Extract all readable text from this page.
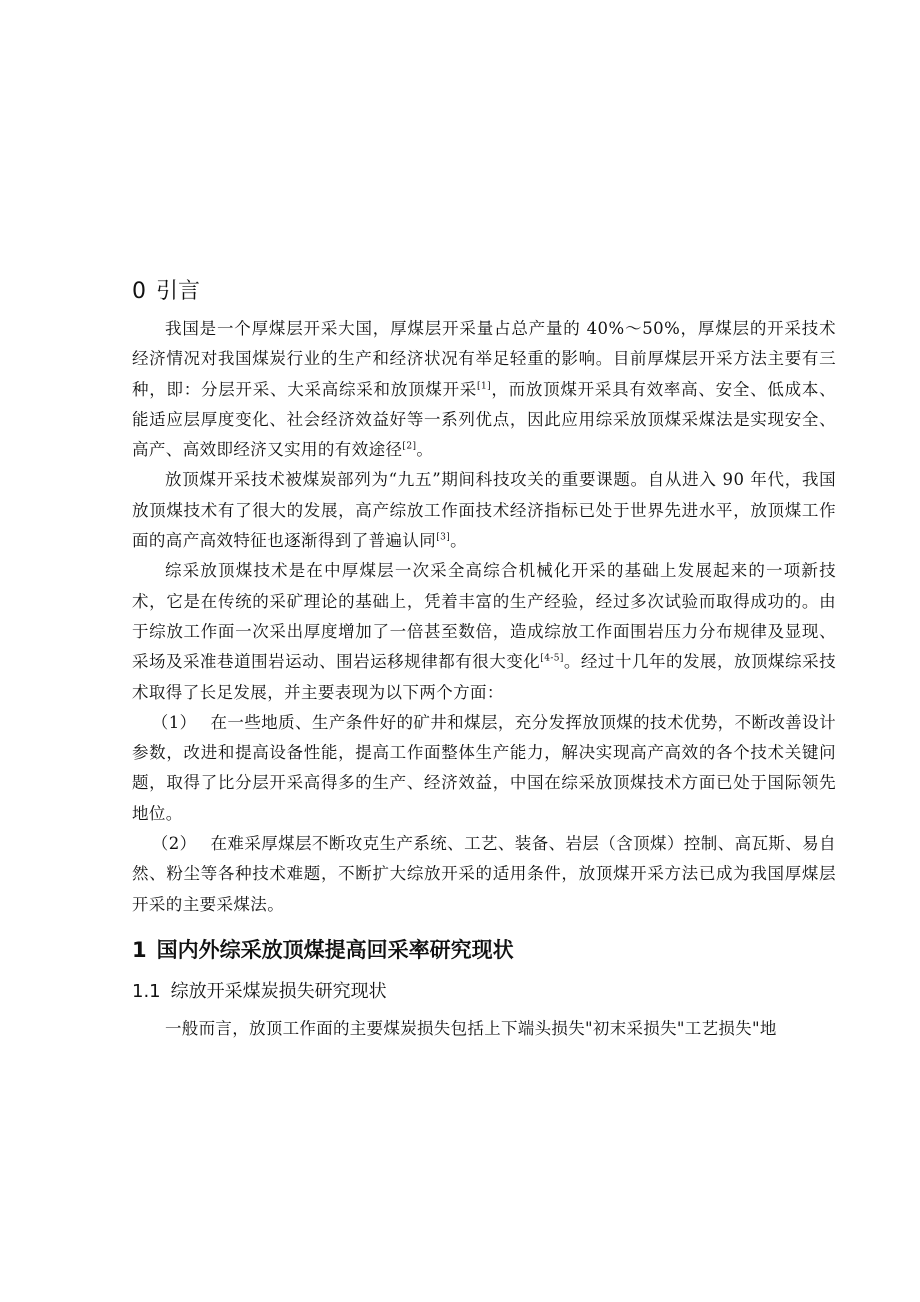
0 引言

我国是一个厚煤层开采大国，厚煤层开采量占总产量的 40%～50%，厚煤层的开采技术经济情况对我国煤炭行业的生产和经济状况有举足轻重的影响。目前厚煤层开采方法主要有三种，即：分层开采、大采高综采和放顶煤开采[1]，而放顶煤开采具有效率高、安全、低成本、能适应层厚度变化、社会经济效益好等一系列优点，因此应用综采放顶煤采煤法是实现安全、高产、高效即经济又实用的有效途径[2]。

放顶煤开采技术被煤炭部列为“九五”期间科技攻关的重要课题。自从进入 90 年代，我国放顶煤技术有了很大的发展，高产综放工作面技术经济指标已处于世界先进水平，放顶煤工作面的高产高效特征也逐渐得到了普遍认同[3]。

综采放顶煤技术是在中厚煤层一次采全高综合机械化开采的基础上发展起来的一项新技术，它是在传统的采矿理论的基础上，凭着丰富的生产经验，经过多次试验而取得成功的。由于综放工作面一次采出厚度增加了一倍甚至数倍，造成综放工作面围岩压力分布规律及显现、采场及采准巷道围岩运动、围岩运移规律都有很大变化[4-5]。经过十几年的发展，放顶煤综采技术取得了长足发展，并主要表现为以下两个方面：

（1） 在一些地质、生产条件好的矿井和煤层，充分发挥放顶煤的技术优势，不断改善设计参数，改进和提高设备性能，提高工作面整体生产能力，解决实现高产高效的各个技术关键问题，取得了比分层开采高得多的生产、经济效益，中国在综采放顶煤技术方面已处于国际领先地位。

（2） 在难采厚煤层不断攻克生产系统、工艺、装备、岩层（含顶煤）控制、高瓦斯、易自然、粉尘等各种技术难题，不断扩大综放开采的适用条件，放顶煤开采方法已成为我国厚煤层开采的主要采煤法。

1 国内外综采放顶煤提高回采率研究现状
1.1 综放开采煤炭损失研究现状
一般而言，放顶工作面的主要煤炭损失包括上下端头损失"初末采损失"工艺损失"地
